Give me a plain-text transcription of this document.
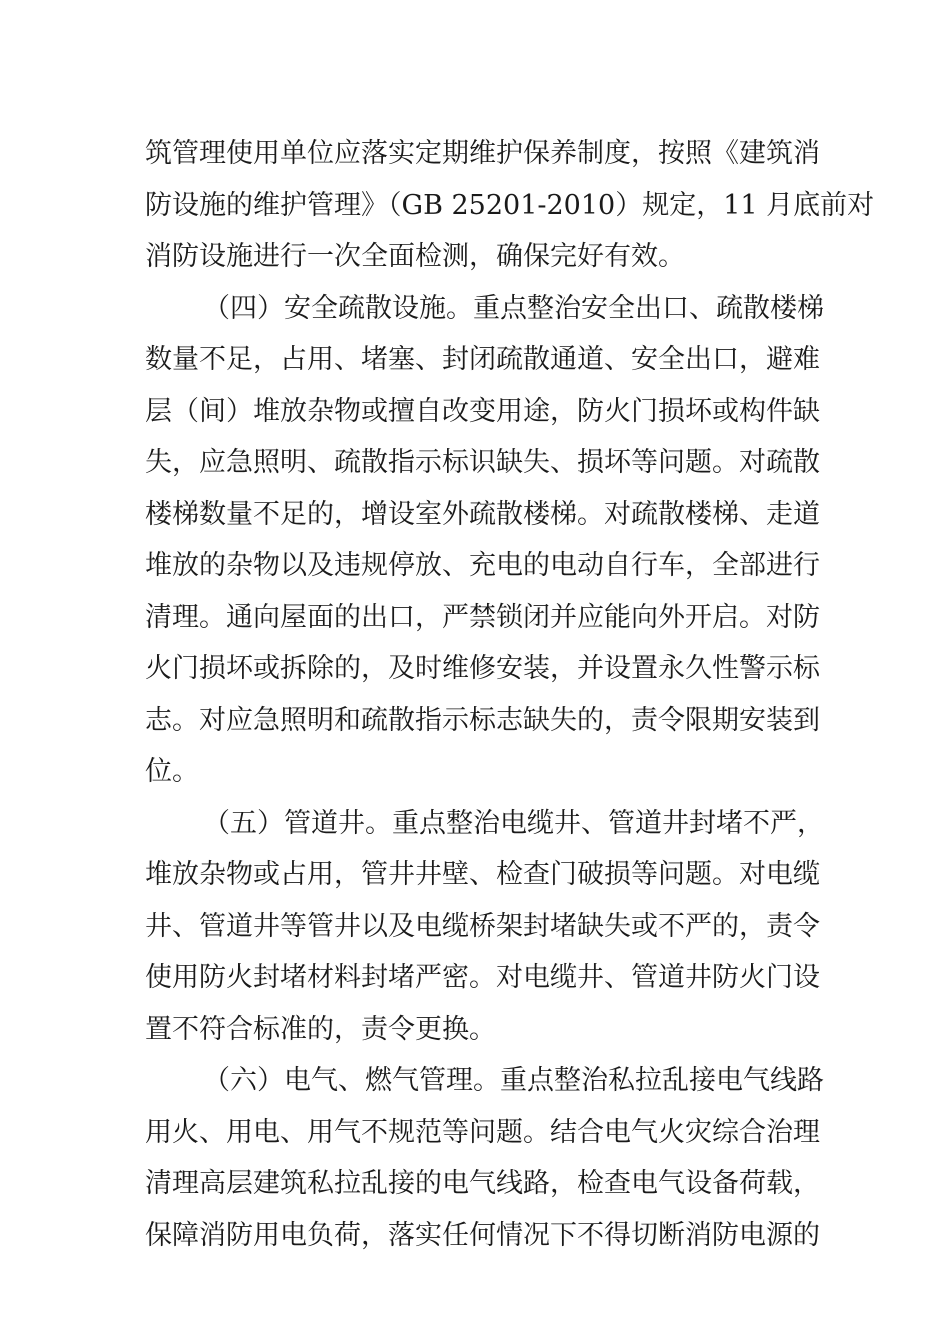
筑管理使用单位应落实定期维护保养制度，按照《建筑消
防设施的维护管理》（GB 25201-2010）规定，11 月底前对
消防设施进行一次全面检测，确保完好有效。
（四）安全疏散设施。重点整治安全出口、疏散楼梯
数量不足，占用、堵塞、封闭疏散通道、安全出口，避难
层（间）堆放杂物或擅自改变用途，防火门损坏或构件缺
失，应急照明、疏散指示标识缺失、损坏等问题。对疏散
楼梯数量不足的，增设室外疏散楼梯。对疏散楼梯、走道
堆放的杂物以及违规停放、充电的电动自行车，全部进行
清理。通向屋面的出口，严禁锁闭并应能向外开启。对防
火门损坏或拆除的，及时维修安装，并设置永久性警示标
志。对应急照明和疏散指示标志缺失的，责令限期安装到
位。
（五）管道井。重点整治电缆井、管道井封堵不严，
堆放杂物或占用，管井井壁、检查门破损等问题。对电缆
井、管道井等管井以及电缆桥架封堵缺失或不严的，责令
使用防火封堵材料封堵严密。对电缆井、管道井防火门设
置不符合标准的，责令更换。
（六）电气、燃气管理。重点整治私拉乱接电气线路
用火、用电、用气不规范等问题。结合电气火灾综合治理
清理高层建筑私拉乱接的电气线路，检查电气设备荷载，
保障消防用电负荷，落实任何情况下不得切断消防电源的
